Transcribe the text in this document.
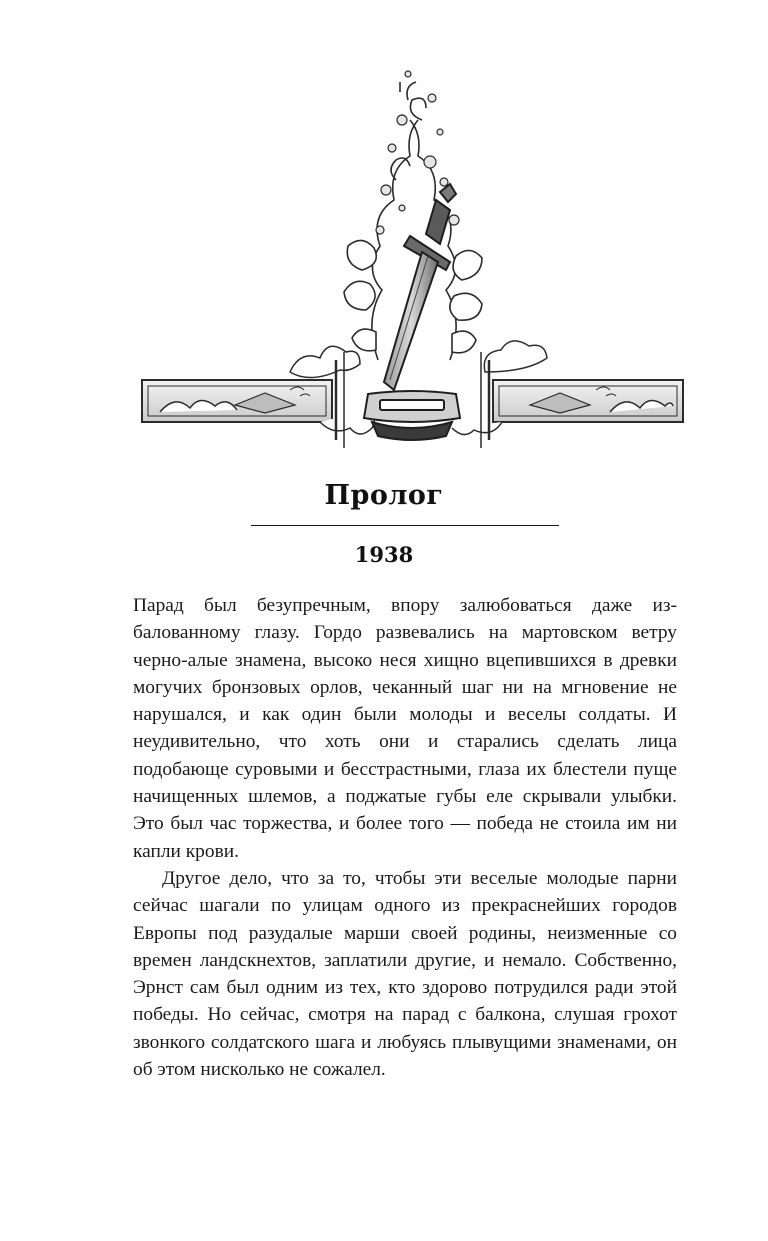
Пролог
1938

Парад был безупречным, впору залюбоваться даже избалованному глазу. Гордо развевались на мартовском ветру черно-алые знамена, высоко неся хищно вцепившихся в древки могучих бронзовых орлов, чеканный шаг ни на мгновение не нарушался, и как один были молоды и веселы солдаты. И неудивительно, что хоть они и старались сделать лица подобающе суровыми и бесстрастными, глаза их блестели пуще начищенных шлемов, а поджатые губы еле скрывали улыбки. Это был час торжества, и более того — победа не стоила им ни капли крови.

Другое дело, что за то, чтобы эти веселые молодые парни сейчас шагали по улицам одного из прекраснейших городов Европы под разудалые марши своей родины, неизменные со времен ландскнехтов, заплатили другие, и немало. Собственно, Эрнст сам был одним из тех, кто здорово потрудился ради этой победы. Но сейчас, смотря на парад с балкона, слушая грохот звонкого солдатского шага и любуясь плывущими знаменами, он об этом нисколько не сожалел.
